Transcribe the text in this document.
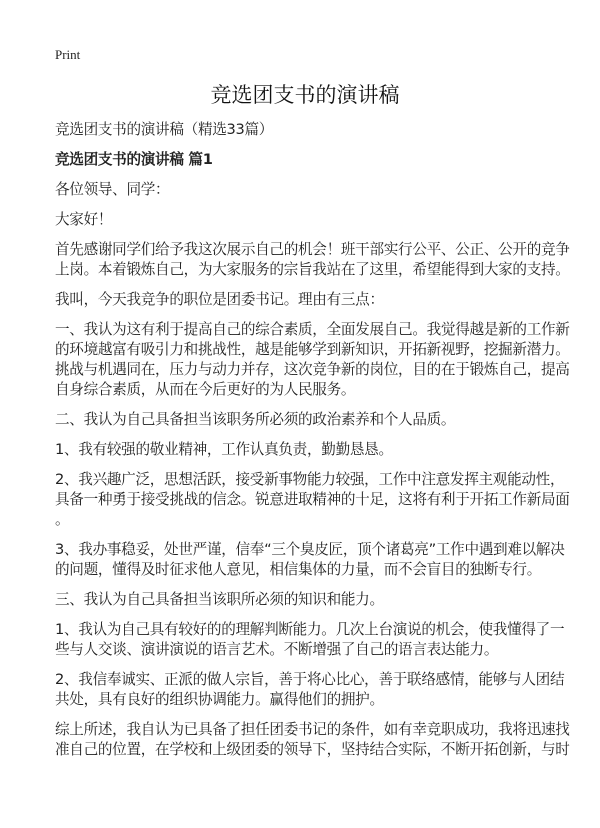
Print
竞选团支书的演讲稿
竞选团支书的演讲稿（精选33篇）
竞选团支书的演讲稿 篇1
各位领导、同学：
大家好！
首先感谢同学们给予我这次展示自己的机会！班干部实行公平、公正、公开的竞争
上岗。本着锻炼自己，为大家服务的宗旨我站在了这里，希望能得到大家的支持。
我叫，今天我竞争的职位是团委书记。理由有三点：
一、我认为这有利于提高自己的综合素质，全面发展自己。我觉得越是新的工作新
的环境越富有吸引力和挑战性，越是能够学到新知识，开拓新视野，挖掘新潜力。
挑战与机遇同在，压力与动力并存，这次竞争新的岗位，目的在于锻炼自己，提高
自身综合素质，从而在今后更好的为人民服务。
二、我认为自己具备担当该职务所必须的政治素养和个人品质。
1、我有较强的敬业精神，工作认真负责，勤勤恳恳。
2、我兴趣广泛，思想活跃，接受新事物能力较强，工作中注意发挥主观能动性，
具备一种勇于接受挑战的信念。锐意进取精神的十足，这将有利于开拓工作新局面
。
3、我办事稳妥，处世严谨，信奉“三个臭皮匠，顶个诸葛亮”工作中遇到难以解决
的问题，懂得及时征求他人意见，相信集体的力量，而不会盲目的独断专行。
三、我认为自己具备担当该职所必须的知识和能力。
1、我认为自己具有较好的的理解判断能力。几次上台演说的机会，使我懂得了一
些与人交谈、演讲演说的语言艺术。不断增强了自己的语言表达能力。
2、我信奉诚实、正派的做人宗旨，善于将心比心，善于联络感情，能够与人团结
共处，具有良好的组织协调能力。赢得他们的拥护。
综上所述，我自认为已具备了担任团委书记的条件，如有幸竞职成功，我将迅速找
准自己的位置，在学校和上级团委的领导下，坚持结合实际，不断开拓创新，与时
